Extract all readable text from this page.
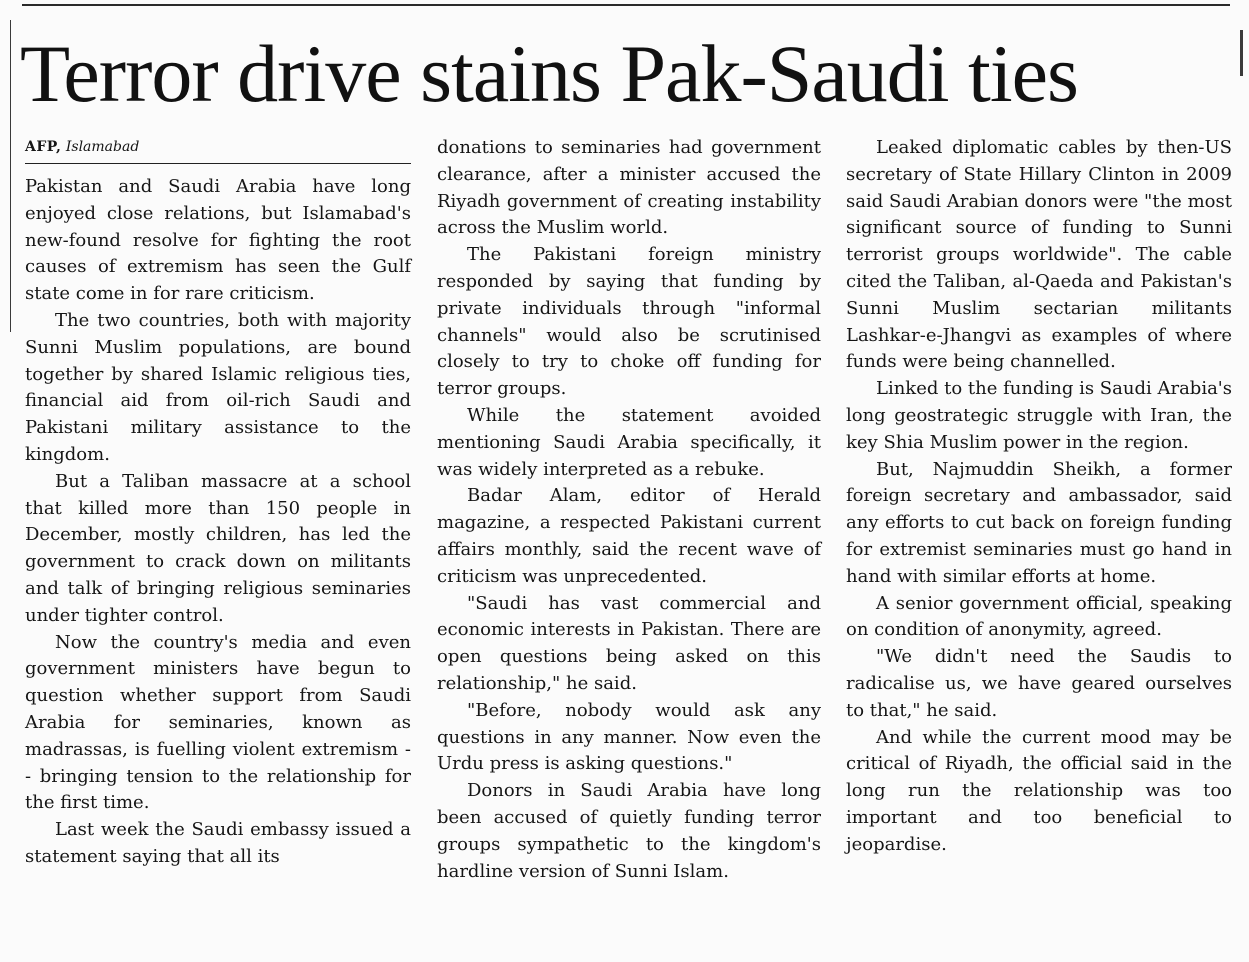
Terror drive stains Pak-Saudi ties
AFP, Islamabad

Pakistan and Saudi Arabia have long enjoyed close relations, but Islamabad's new-found resolve for fighting the root causes of extremism has seen the Gulf state come in for rare criticism.

The two countries, both with majority Sunni Muslim populations, are bound together by shared Islamic religious ties, financial aid from oil-rich Saudi and Pakistani military assistance to the kingdom.

But a Taliban massacre at a school that killed more than 150 people in December, mostly children, has led the government to crack down on militants and talk of bringing religious seminaries under tighter control.

Now the country's media and even government ministers have begun to question whether support from Saudi Arabia for seminaries, known as madrassas, is fuelling violent extremism -- bringing tension to the relationship for the first time.

Last week the Saudi embassy issued a statement saying that all its

donations to seminaries had government clearance, after a minister accused the Riyadh government of creating instability across the Muslim world.

The Pakistani foreign ministry responded by saying that funding by private individuals through "informal channels" would also be scrutinised closely to try to choke off funding for terror groups.

While the statement avoided mentioning Saudi Arabia specifically, it was widely interpreted as a rebuke.

Badar Alam, editor of Herald magazine, a respected Pakistani current affairs monthly, said the recent wave of criticism was unprecedented.

"Saudi has vast commercial and economic interests in Pakistan. There are open questions being asked on this relationship," he said.

"Before, nobody would ask any questions in any manner. Now even the Urdu press is asking questions."

Donors in Saudi Arabia have long been accused of quietly funding terror groups sympathetic to the kingdom's hardline version of Sunni Islam.

Leaked diplomatic cables by then-US secretary of State Hillary Clinton in 2009 said Saudi Arabian donors were "the most significant source of funding to Sunni terrorist groups worldwide". The cable cited the Taliban, al-Qaeda and Pakistan's Sunni Muslim sectarian militants Lashkar-e-Jhangvi as examples of where funds were being channelled.

Linked to the funding is Saudi Arabia's long geostrategic struggle with Iran, the key Shia Muslim power in the region.

But, Najmuddin Sheikh, a former foreign secretary and ambassador, said any efforts to cut back on foreign funding for extremist seminaries must go hand in hand with similar efforts at home.

A senior government official, speaking on condition of anonymity, agreed.

"We didn't need the Saudis to radicalise us, we have geared ourselves to that," he said.

And while the current mood may be critical of Riyadh, the official said in the long run the relationship was too important and too beneficial to jeopardise.
